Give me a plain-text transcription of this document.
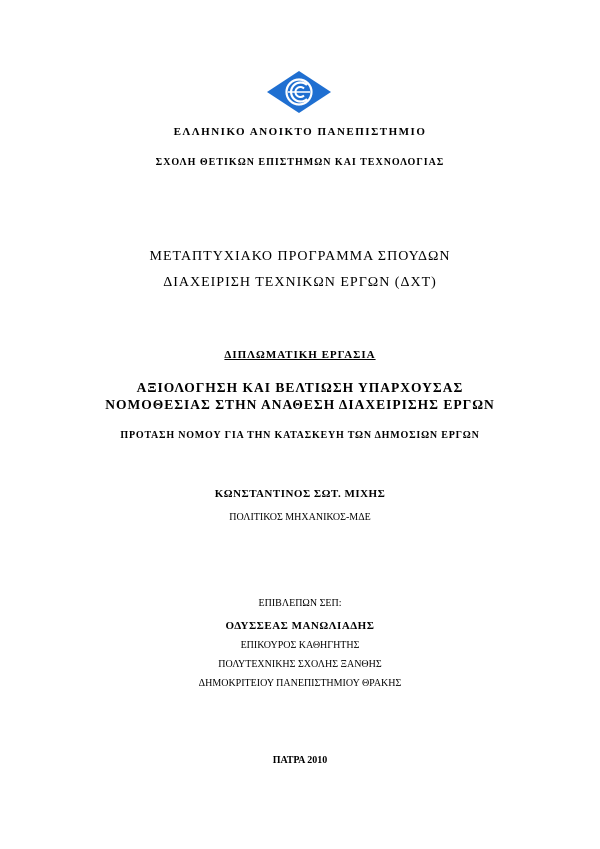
ΕΛΛΗΝΙΚΟ ΑΝΟΙΚΤΟ ΠΑΝΕΠΙΣΤΗΜΙΟ
ΣΧΟΛΗ ΘΕΤΙΚΩΝ ΕΠΙΣΤΗΜΩΝ ΚΑΙ ΤΕΧΝΟΛΟΓΙΑΣ
ΜΕΤΑΠΤΥΧΙΑΚΟ ΠΡΟΓΡΑΜΜΑ ΣΠΟΥΔΩΝ
ΔΙΑΧΕΙΡΙΣΗ ΤΕΧΝΙΚΩΝ ΕΡΓΩΝ (ΔΧΤ)
ΔΙΠΛΩΜΑΤΙΚΗ ΕΡΓΑΣΙΑ
ΑΞΙΟΛΟΓΗΣΗ ΚΑΙ ΒΕΛΤΙΩΣΗ ΥΠΑΡΧΟΥΣΑΣ
ΝΟΜΟΘΕΣΙΑΣ ΣΤΗΝ ΑΝΑΘΕΣΗ ΔΙΑΧΕΙΡΙΣΗΣ ΕΡΓΩΝ
ΠΡΟΤΑΣΗ ΝΟΜΟΥ ΓΙΑ ΤΗΝ ΚΑΤΑΣΚΕΥΗ ΤΩΝ ΔΗΜΟΣΙΩΝ ΕΡΓΩΝ
ΚΩΝΣΤΑΝΤΙΝΟΣ ΣΩΤ. ΜΙΧΗΣ
ΠΟΛΙΤΙΚΟΣ ΜΗΧΑΝΙΚΟΣ-ΜΔΕ
ΕΠΙΒΛΕΠΩΝ ΣΕΠ:
ΟΔΥΣΣΕΑΣ ΜΑΝΩΛΙΑΔΗΣ
ΕΠΙΚΟΥΡΟΣ ΚΑΘΗΓΗΤΗΣ
ΠΟΛΥΤΕΧΝΙΚΗΣ ΣΧΟΛΗΣ ΞΑΝΘΗΣ
ΔΗΜΟΚΡΙΤΕΙΟΥ ΠΑΝΕΠΙΣΤΗΜΙΟΥ ΘΡΑΚΗΣ
ΠΑΤΡΑ 2010
